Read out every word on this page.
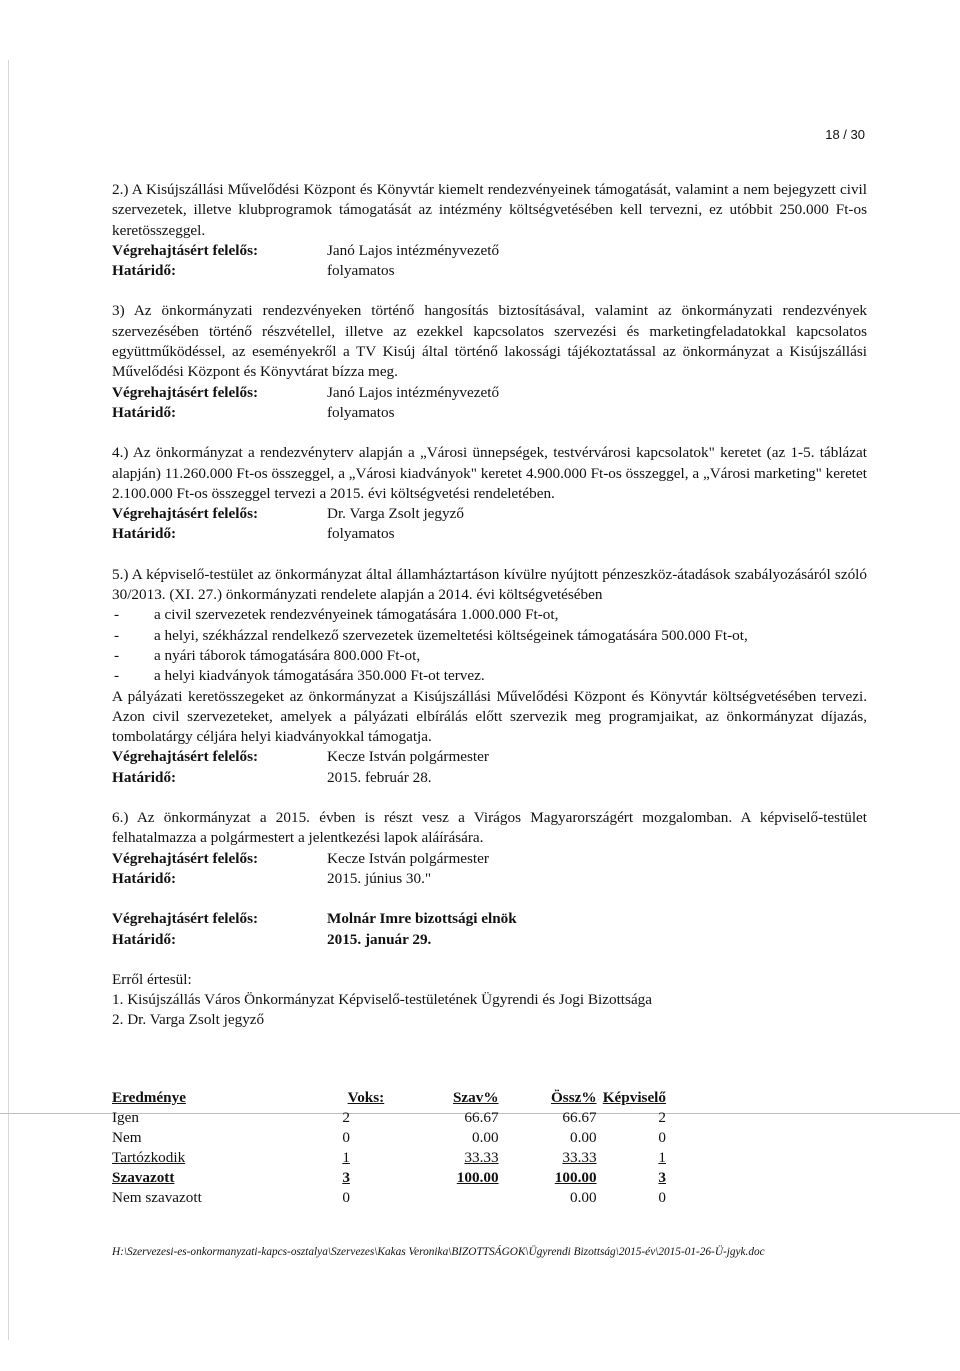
18 / 30

2.) A Kisújszállási Művelődési Központ és Könyvtár kiemelt rendezvényeinek támogatását, valamint a nem bejegyzett civil szervezetek, illetve klubprogramok támogatását az intézmény költségvetésében kell tervezni, ez utóbbit 250.000 Ft-os keretösszeggel.

Végrehajtásért felelős:	Janó Lajos intézményvezető
Határidő:	folyamatos

3) Az önkormányzati rendezvényeken történő hangosítás biztosításával, valamint az önkormányzati rendezvények szervezésében történő részvétellel, illetve az ezekkel kapcsolatos szervezési és marketingfeladatokkal kapcsolatos együttműködéssel, az eseményekről a TV Kisúj által történő lakossági tájékoztatással az önkormányzat a Kisújszállási Művelődési Központ és Könyvtárat bízza meg.

Végrehajtásért felelős:	Janó Lajos intézményvezető
Határidő:	folyamatos

4.) Az önkormányzat a rendezvényterv alapján a „Városi ünnepségek, testvérvárosi kapcsolatok" keretet (az 1-5. táblázat alapján) 11.260.000 Ft-os összeggel, a „Városi kiadványok" keretet 4.900.000 Ft-os összeggel, a „Városi marketing" keretet 2.100.000 Ft-os összeggel tervezi a 2015. évi költségvetési rendeletében.

Végrehajtásért felelős:	Dr. Varga Zsolt jegyző
Határidő:	folyamatos

5.) A képviselő-testület az önkormányzat által államháztartáson kívülre nyújtott pénzeszköz-átadások szabályozásáról szóló 30/2013. (XI. 27.) önkormányzati rendelete alapján a 2014. évi költségvetésében

-	a civil szervezetek rendezvényeinek támogatására 1.000.000 Ft-ot,
-	a helyi, székházzal rendelkező szervezetek üzemeltetési költségeinek támogatására 500.000 Ft-ot,
-	a nyári táborok támogatására 800.000 Ft-ot,
-	a helyi kiadványok támogatására 350.000 Ft-ot tervez.

A pályázati keretösszegeket az önkormányzat a Kisújszállási Művelődési Központ és Könyvtár költségvetésében tervezi. Azon civil szervezeteket, amelyek a pályázati elbírálás előtt szervezik meg programjaikat, az önkormányzat díjazás, tombolatárgy céljára helyi kiadványokkal támogatja.

Végrehajtásért felelős:	Kecze István polgármester
Határidő:	2015. február 28.

6.) Az önkormányzat a 2015. évben is részt vesz a Virágos Magyarországért mozgalomban. A képviselő-testület felhatalmazza a polgármestert a jelentkezési lapok aláírására.

Végrehajtásért felelős:	Kecze István polgármester
Határidő:	2015. június 30."
Végrehajtásért felelős:	Molnár Imre bizottsági elnök
Határidő:	2015. január 29.

Erről értesül:

1. Kisújszállás Város Önkormányzat Képviselő-testületének Ügyrendi és Jogi Bizottsága

2. Dr. Varga Zsolt jegyző

Eredménye	Voks:	Szav%	Össz%	Képviselő
Igen	2	66.67	66.67	2
Nem	0	0.00	0.00	0
Tartózkodik	1	33.33	33.33	1
Szavazott	3	100.00	100.00	3
Nem szavazott	0		0.00	0
H:\Szervezesi-es-onkormanyzati-kapcs-osztalya\Szervezes\Kakas Veronika\BIZOTTSÁGOK\Ügyrendi Bizottság\2015-év\2015-01-26-Ü-jgyk.doc
